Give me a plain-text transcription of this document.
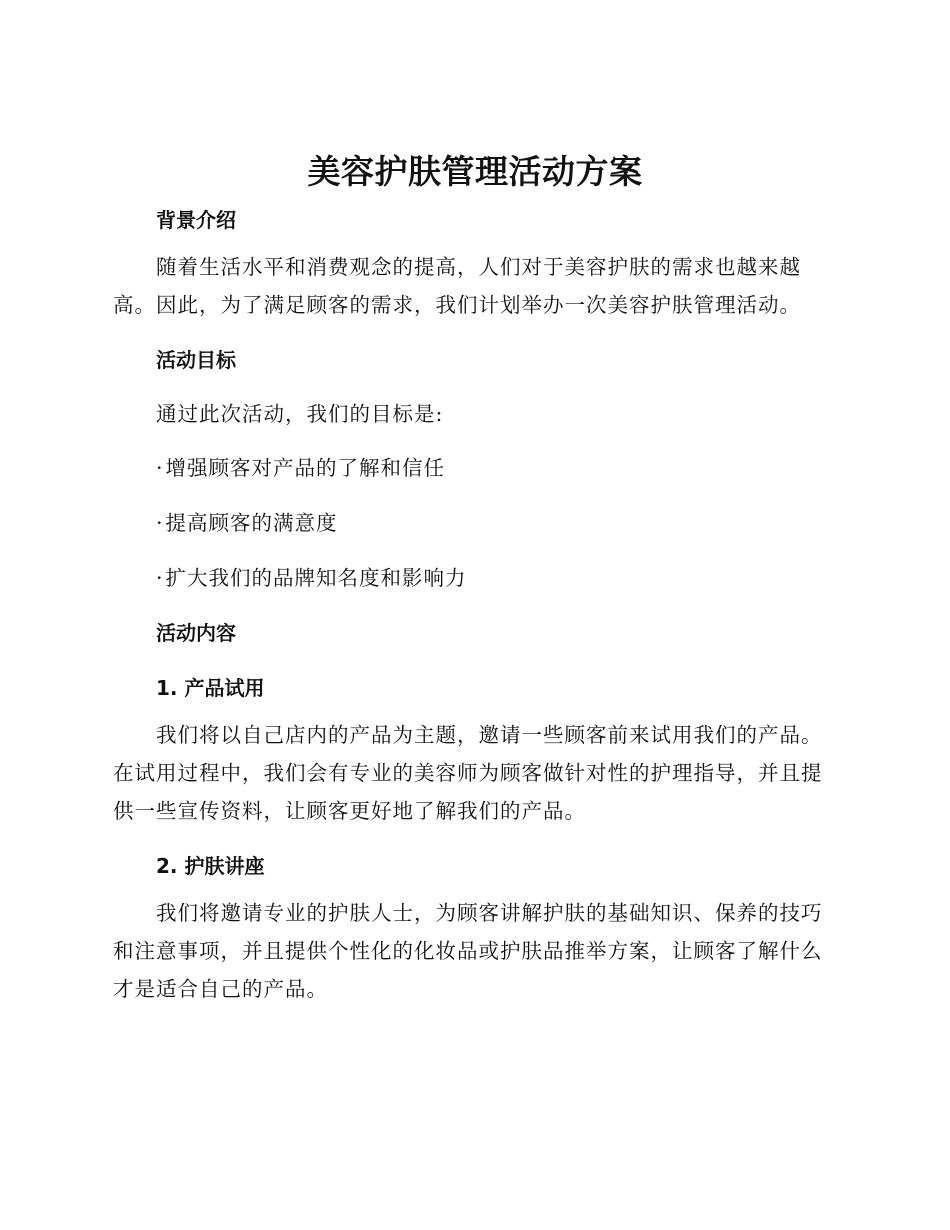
美容护肤管理活动方案
背景介绍

随着生活水平和消费观念的提高，人们对于美容护肤的需求也越来越高。因此，为了满足顾客的需求，我们计划举办一次美容护肤管理活动。

活动目标
通过此次活动，我们的目标是:
·增强顾客对产品的了解和信任
·提高顾客的满意度
·扩大我们的品牌知名度和影响力
活动内容
1. 产品试用

我们将以自己店内的产品为主题，邀请一些顾客前来试用我们的产品。在试用过程中，我们会有专业的美容师为顾客做针对性的护理指导，并且提供一些宣传资料，让顾客更好地了解我们的产品。

2. 护肤讲座

我们将邀请专业的护肤人士，为顾客讲解护肤的基础知识、保养的技巧和注意事项，并且提供个性化的化妆品或护肤品推举方案，让顾客了解什么才是适合自己的产品。
